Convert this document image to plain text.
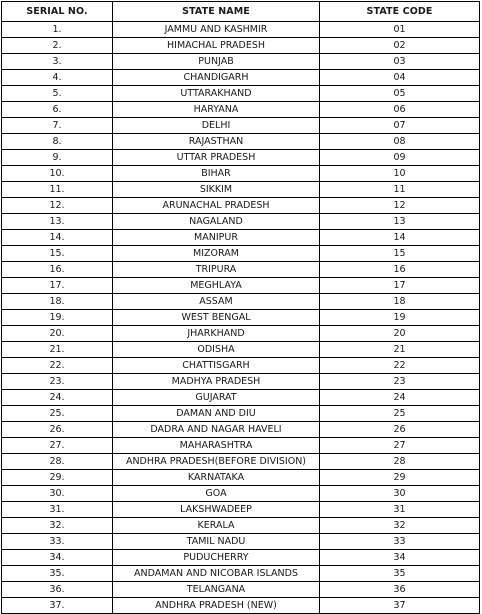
SERIAL NO.	STATE NAME	STATE CODE
1.	JAMMU AND KASHMIR	01
2.	HIMACHAL PRADESH	02
3.	PUNJAB	03
4.	CHANDIGARH	04
5.	UTTARAKHAND	05
6.	HARYANA	06
7.	DELHI	07
8.	RAJASTHAN	08
9.	UTTAR PRADESH	09
10.	BIHAR	10
11.	SIKKIM	11
12.	ARUNACHAL PRADESH	12
13.	NAGALAND	13
14.	MANIPUR	14
15.	MIZORAM	15
16.	TRIPURA	16
17.	MEGHLAYA	17
18.	ASSAM	18
19.	WEST BENGAL	19
20.	JHARKHAND	20
21.	ODISHA	21
22.	CHATTISGARH	22
23.	MADHYA PRADESH	23
24.	GUJARAT	24
25.	DAMAN AND DIU	25
26.	DADRA AND NAGAR HAVELI	26
27.	MAHARASHTRA	27
28.	ANDHRA PRADESH(BEFORE DIVISION)	28
29.	KARNATAKA	29
30.	GOA	30
31.	LAKSHWADEEP	31
32.	KERALA	32
33.	TAMIL NADU	33
34.	PUDUCHERRY	34
35.	ANDAMAN AND NICOBAR ISLANDS	35
36.	TELANGANA	36
37.	ANDHRA PRADESH (NEW)	37
